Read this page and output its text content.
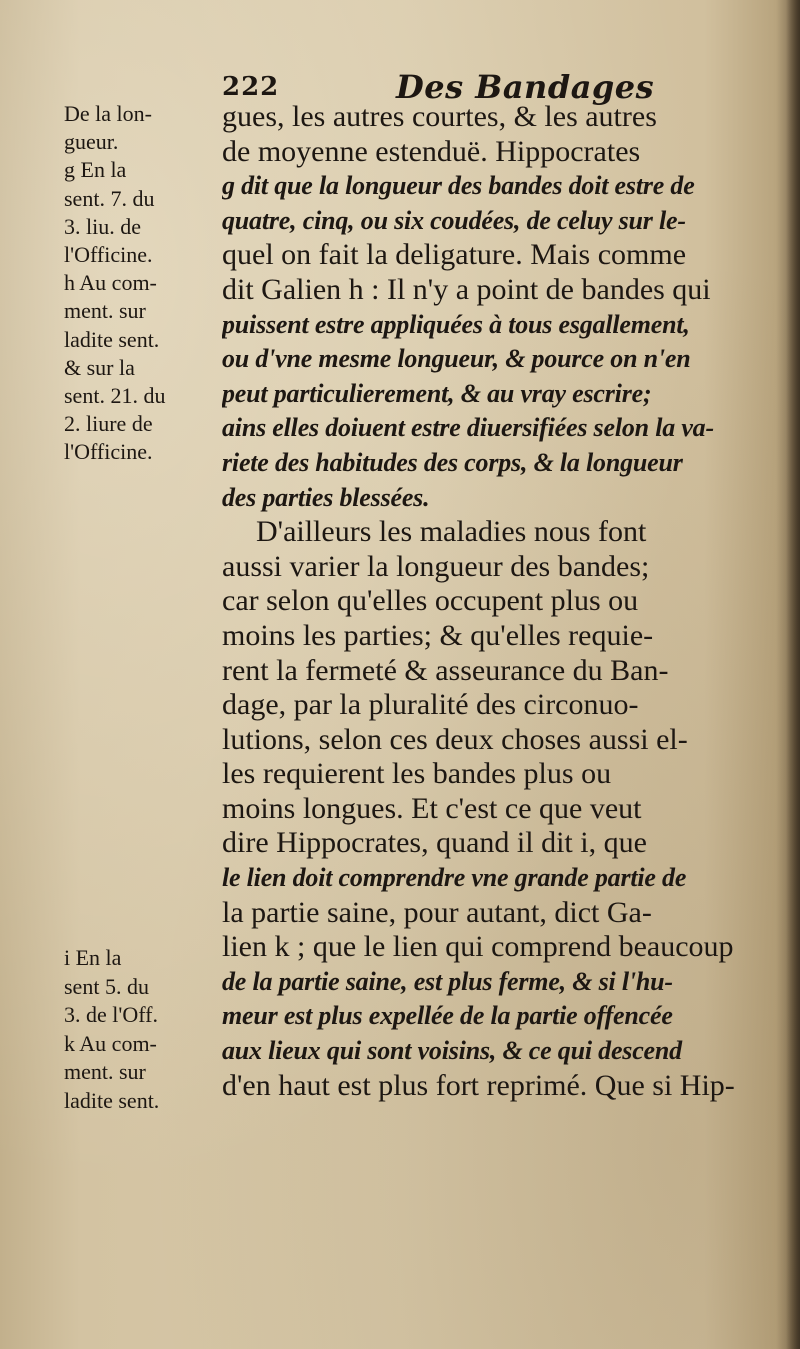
222	Des Bandages
De la lon-
gueur.
g En la
sent. 7. du
3. liu. de
l'Officine.
h Au com-
ment. sur
ladite sent.
& sur la
sent. 21. du
2. liure de
l'Officine.
i En la
sent 5. du
3. de l'Off.
k Au com-
ment. sur
ladite sent.
gues, les autres courtes, & les autres
de moyenne estenduë. Hippocrates
g dit que la longueur des bandes doit estre de
quatre, cinq, ou six coudées, de celuy sur le-
quel on fait la deligature. Mais comme
dit Galien h : Il n'y a point de bandes qui
puissent estre appliquées à tous esgallement,
ou d'vne mesme longueur, & pource on n'en
peut particulierement, & au vray escrire;
ains elles doiuent estre diuersifiées selon la va-
riete des habitudes des corps, & la longueur
des parties blessées.
D'ailleurs les maladies nous font
aussi varier la longueur des bandes;
car selon qu'elles occupent plus ou
moins les parties; & qu'elles requie-
rent la fermeté & asseurance du Ban-
dage, par la pluralité des circonuo-
lutions, selon ces deux choses aussi el-
les requierent les bandes plus ou
moins longues. Et c'est ce que veut
dire Hippocrates, quand il dit i, que
le lien doit comprendre vne grande partie de
la partie saine, pour autant, dict Ga-
lien k ; que le lien qui comprend beaucoup
de la partie saine, est plus ferme, & si l'hu-
meur est plus expellée de la partie offencée
aux lieux qui sont voisins, & ce qui descend
d'en haut est plus fort reprimé. Que si Hip-
